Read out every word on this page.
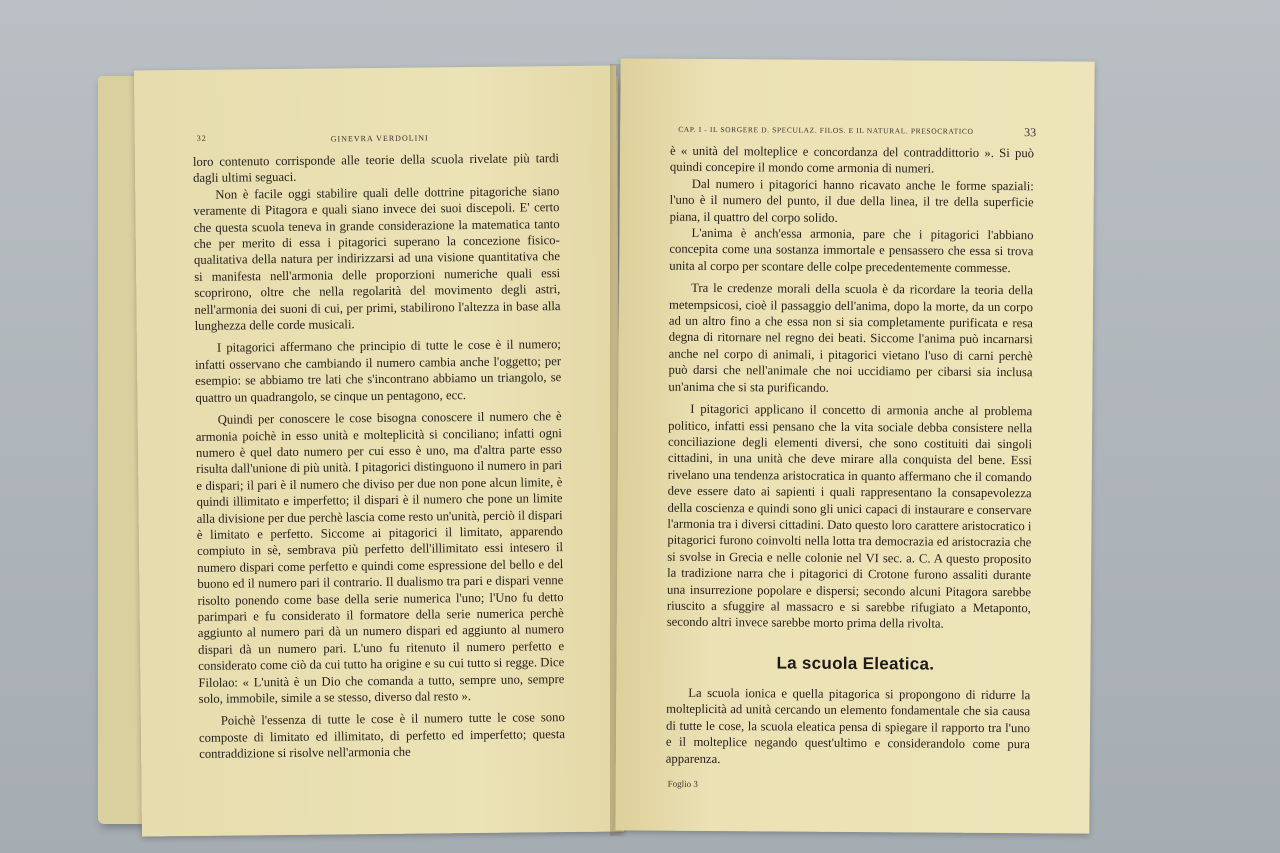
32	GINEVRA VERDOLINI

loro contenuto corrisponde alle teorie della scuola rivelate più tardi dagli ultimi seguaci.

Non è facile oggi stabilire quali delle dottrine pitagoriche siano veramente di Pitagora e quali siano invece dei suoi discepoli. E' certo che questa scuola teneva in grande considerazione la matematica tanto che per merito di essa i pitagorici superano la concezione fisico-qualitativa della natura per indirizzarsi ad una visione quantitativa che si manifesta nell'armonia delle proporzioni numeriche quali essi scoprirono, oltre che nella regolarità del movimento degli astri, nell'armonia dei suoni di cui, per primi, stabilirono l'altezza in base alla lunghezza delle corde musicali.

I pitagorici affermano che principio di tutte le cose è il numero; infatti osservano che cambiando il numero cambia anche l'oggetto; per esempio: se abbiamo tre lati che s'incontrano abbiamo un triangolo, se quattro un quadrangolo, se cinque un pentagono, ecc.

Quindi per conoscere le cose bisogna conoscere il numero che è armonia poichè in esso unità e molteplicità si conciliano; infatti ogni numero è quel dato numero per cui esso è uno, ma d'altra parte esso risulta dall'unione di più unità. I pitagorici distinguono il numero in pari e dispari; il pari è il numero che diviso per due non pone alcun limite, è quindi illimitato e imperfetto; il dispari è il numero che pone un limite alla divisione per due perchè lascia come resto un'unità, perciò il dispari è limitato e perfetto. Siccome ai pitagorici il limitato, apparendo compiuto in sè, sembrava più perfetto dell'illimitato essi intesero il numero dispari come perfetto e quindi come espressione del bello e del buono ed il numero pari il contrario. Il dualismo tra pari e dispari venne risolto ponendo come base della serie numerica l'uno; l'Uno fu detto parimpari e fu considerato il formatore della serie numerica perchè aggiunto al numero pari dà un numero dispari ed aggiunto al numero dispari dà un numero pari. L'uno fu ritenuto il numero perfetto e considerato come ciò da cui tutto ha origine e su cui tutto si regge. Dice Filolao: « L'unità è un Dio che comanda a tutto, sempre uno, sempre solo, immobile, simile a se stesso, diverso dal resto ».

Poichè l'essenza di tutte le cose è il numero tutte le cose sono composte di limitato ed illimitato, di perfetto ed imperfetto; questa contraddizione si risolve nell'armonia che

CAP. I - IL SORGERE D. SPECULAZ. FILOS. E IL NATURAL. PRESOCRATICO	33

è « unità del molteplice e concordanza del contraddittorio ». Si può quindi concepire il mondo come armonia di numeri.

Dal numero i pitagorici hanno ricavato anche le forme spaziali: l'uno è il numero del punto, il due della linea, il tre della superficie piana, il quattro del corpo solido.

L'anima è anch'essa armonia, pare che i pitagorici l'abbiano concepita come una sostanza immortale e pensassero che essa si trova unita al corpo per scontare delle colpe precedentemente commesse.

Tra le credenze morali della scuola è da ricordare la teoria della metempsicosi, cioè il passaggio dell'anima, dopo la morte, da un corpo ad un altro fino a che essa non si sia completamente purificata e resa degna di ritornare nel regno dei beati. Siccome l'anima può incarnarsi anche nel corpo di animali, i pitagorici vietano l'uso di carni perchè può darsi che nell'animale che noi uccidiamo per cibarsi sia inclusa un'anima che si sta purificando.

I pitagorici applicano il concetto di armonia anche al problema politico, infatti essi pensano che la vita sociale debba consistere nella conciliazione degli elementi diversi, che sono costituiti dai singoli cittadini, in una unità che deve mirare alla conquista del bene. Essi rivelano una tendenza aristocratica in quanto affermano che il comando deve essere dato ai sapienti i quali rappresentano la consapevolezza della coscienza e quindi sono gli unici capaci di instaurare e conservare l'armonia tra i diversi cittadini. Dato questo loro carattere aristocratico i pitagorici furono coinvolti nella lotta tra democrazia ed aristocrazia che si svolse in Grecia e nelle colonie nel VI sec. a. C. A questo proposito la tradizione narra che i pitagorici di Crotone furono assaliti durante una insurrezione popolare e dispersi; secondo alcuni Pitagora sarebbe riuscito a sfuggire al massacro e si sarebbe rifugiato a Metaponto, secondo altri invece sarebbe morto prima della rivolta.

La scuola Eleatica.

La scuola ionica e quella pitagorica si propongono di ridurre la molteplicità ad unità cercando un elemento fondamentale che sia causa di tutte le cose, la scuola eleatica pensa di spiegare il rapporto tra l'uno e il molteplice negando quest'ultimo e considerandolo come pura apparenza.

Foglio 3
